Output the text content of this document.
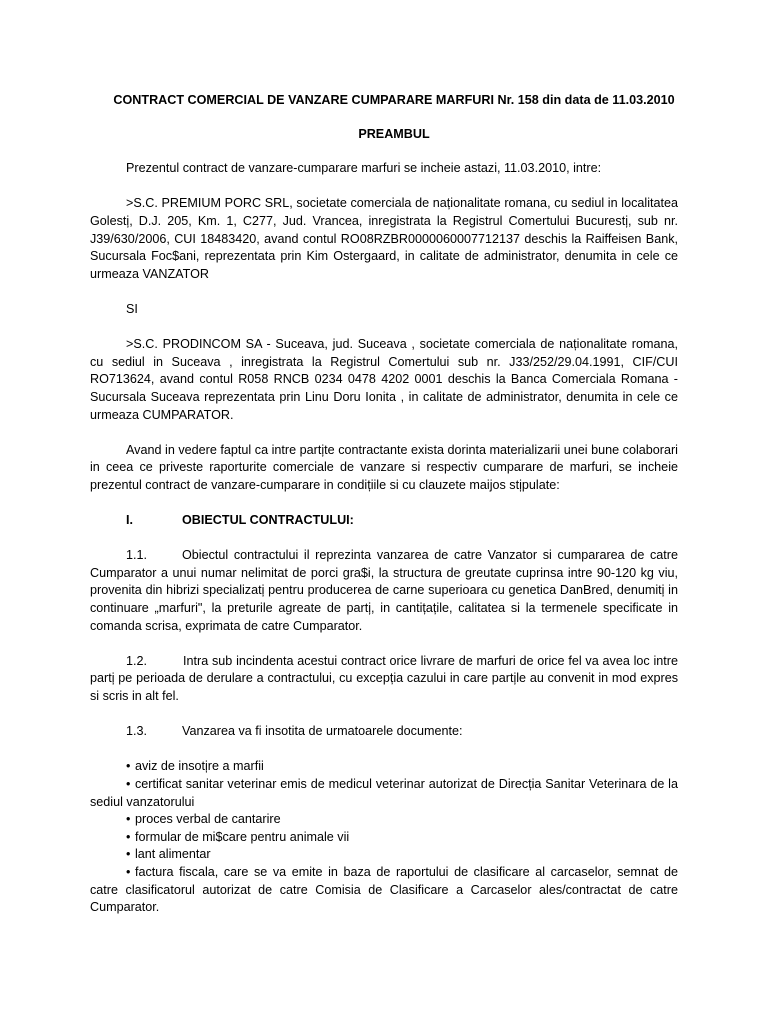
CONTRACT COMERCIAL DE VANZARE CUMPARARE MARFURI Nr. 158 din data de 11.03.2010
PREAMBUL

Prezentul contract de vanzare-cumparare marfuri se incheie astazi, 11.03.2010, intre:

>S.C. PREMIUM PORC SRL, societate comerciala de naționalitate romana, cu sediul in localitatea Golesti̦, D.J. 205, Km. 1, C277, Jud. Vrancea, inregistrata la Registrul Comertului Bucuresti̦, sub nr. J39/630/2006, CUI 18483420, avand contul RO08RZBR0000060007712137 deschis la Raiffeisen Bank, Sucursala Foc$ani, reprezentata prin Kim Ostergaard, in calitate de administrator, denumita in cele ce urmeaza VANZATOR

SI

>S.C. PRODINCOM SA - Suceava, jud. Suceava , societate comerciala de naționalitate romana, cu sediul in Suceava , inregistrata la Registrul Comertului sub nr. J33/252/29.04.1991, CIF/CUI RO713624, avand contul R058 RNCB 0234 0478 4202 0001 deschis la Banca Comerciala Romana -Sucursala Suceava reprezentata prin Linu Doru Ionita , in calitate de administrator, denumita in cele ce urmeaza CUMPARATOR.

Avand in vedere faptul ca intre parti̦te contractante exista dorinta materializarii unei bune colaborari in ceea ce priveste raporturite comerciale de vanzare si respectiv cumparare de marfuri, se incheie prezentul contract de vanzare-cumparare in condițiile si cu clauzete maijos sti̦pulate:

I.	OBIECTUL CONTRACTULUI:

1.1.	Obiectul contractului il reprezinta vanzarea de catre Vanzator si cumpararea de catre Cumparator a unui numar nelimitat de porci gra$i, la structura de greutate cuprinsa intre 90-120 kg viu, provenita din hibrizi specializati̦ pentru producerea de carne superioara cu genetica DanBred, denumiti̦ in continuare „marfuri", la preturile agreate de parti̦, in cantițațile, calitatea si la termenele specificate in comanda scrisa, exprimata de catre Cumparator.

1.2.	Intra sub incindenta acestui contract orice livrare de marfuri de orice fel va avea loc intre parti̦ pe perioada de derulare a contractului, cu excepția cazului in care parti̦le au convenit in mod expres si scris in alt fel.

1.3.	Vanzarea va fi insotita de urmatoarele documente:

• aviz de insoti̦re a marfii
• certificat sanitar veterinar emis de medicul veterinar autorizat de Direcția Sanitar Veterinara de la sediul vanzatorului
• proces verbal de cantarire
• formular de mi$care pentru animale vii
• lant alimentar
• factura fiscala, care se va emite in baza de raportului de clasificare al carcaselor, semnat de catre clasificatorul autorizat de catre Comisia de Clasificare a Carcaselor ales/contractat de catre Cumparator.
